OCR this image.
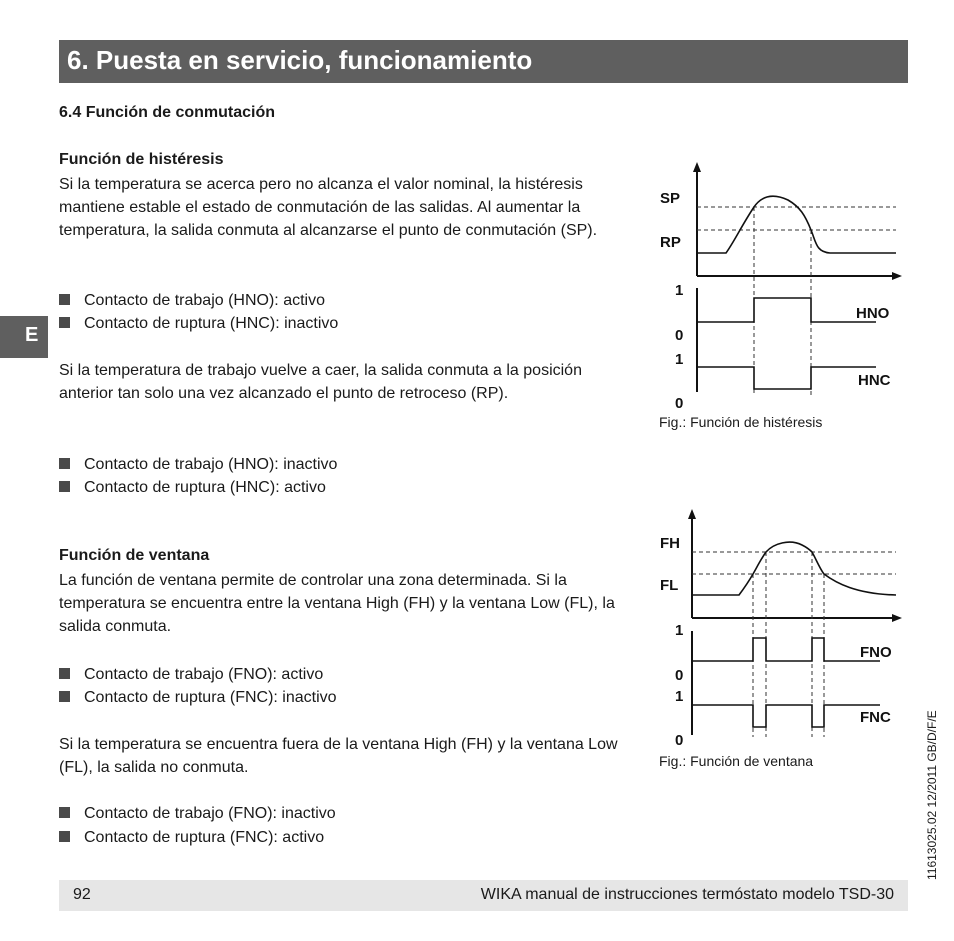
6. Puesta en servicio, funcionamiento
E
6.4 Función de conmutación
Función de histéresis
Si la temperatura se acerca pero no alcanza el valor nominal, la histéresis mantiene estable el estado de conmutación de las salidas. Al aumentar la temperatura, la salida conmuta al alcanzarse el punto de conmutación (SP).
Contacto de trabajo (HNO): activo
Contacto de ruptura (HNC): inactivo
Si la temperatura de trabajo vuelve a caer, la salida conmuta a la posición anterior tan solo una vez alcanzado el punto de retroceso (RP).
Contacto de trabajo (HNO): inactivo
Contacto de ruptura (HNC): activo
Función de ventana
La función de ventana permite de controlar una zona determinada. Si la temperatura se encuentra entre la ventana High (FH) y la ventana Low (FL), la salida conmuta.
Contacto de trabajo (FNO): activo
Contacto de ruptura (FNC): inactivo
Si la temperatura se encuentra fuera de la ventana High (FH) y la ventana Low (FL), la salida no conmuta.
Contacto de trabajo (FNO): inactivo
Contacto de ruptura (FNC): activo
SP
RP
1
0
1
0
HNO
HNC
Fig.: Función de histéresis
FH
FL
1
0
1
0
FNO
FNC
Fig.: Función de ventana	11613025.02 12/2011 GB/D/F/E
92	WIKA manual de instrucciones termóstato modelo TSD-30
